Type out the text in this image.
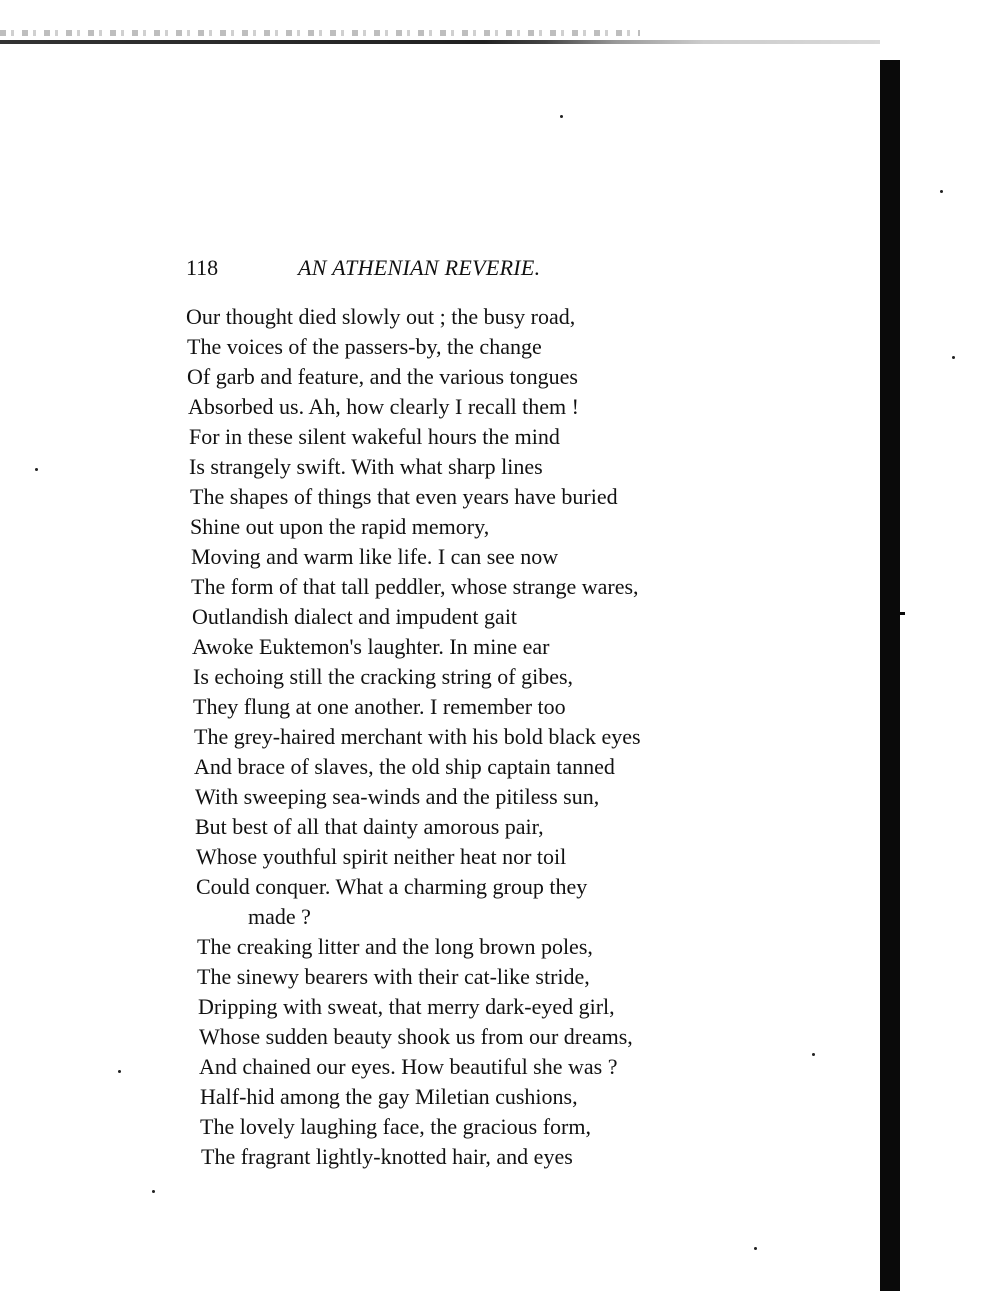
118	AN ATHENIAN REVERIE.
Our thought died slowly out ; the busy road,
The voices of the passers-by, the change
Of garb and feature, and the various tongues
Absorbed us. Ah, how clearly I recall them !
For in these silent wakeful hours the mind
Is strangely swift. With what sharp lines
The shapes of things that even years have buried
Shine out upon the rapid memory,
Moving and warm like life. I can see now
The form of that tall peddler, whose strange wares,
Outlandish dialect and impudent gait
Awoke Euktemon's laughter. In mine ear
Is echoing still the cracking string of gibes,
They flung at one another. I remember too
The grey-haired merchant with his bold black eyes
And brace of slaves, the old ship captain tanned
With sweeping sea-winds and the pitiless sun,
But best of all that dainty amorous pair,
Whose youthful spirit neither heat nor toil
Could conquer. What a charming group they
made ?
The creaking litter and the long brown poles,
The sinewy bearers with their cat-like stride,
Dripping with sweat, that merry dark-eyed girl,
Whose sudden beauty shook us from our dreams,
And chained our eyes. How beautiful she was ?
Half-hid among the gay Miletian cushions,
The lovely laughing face, the gracious form,
The fragrant lightly-knotted hair, and eyes
